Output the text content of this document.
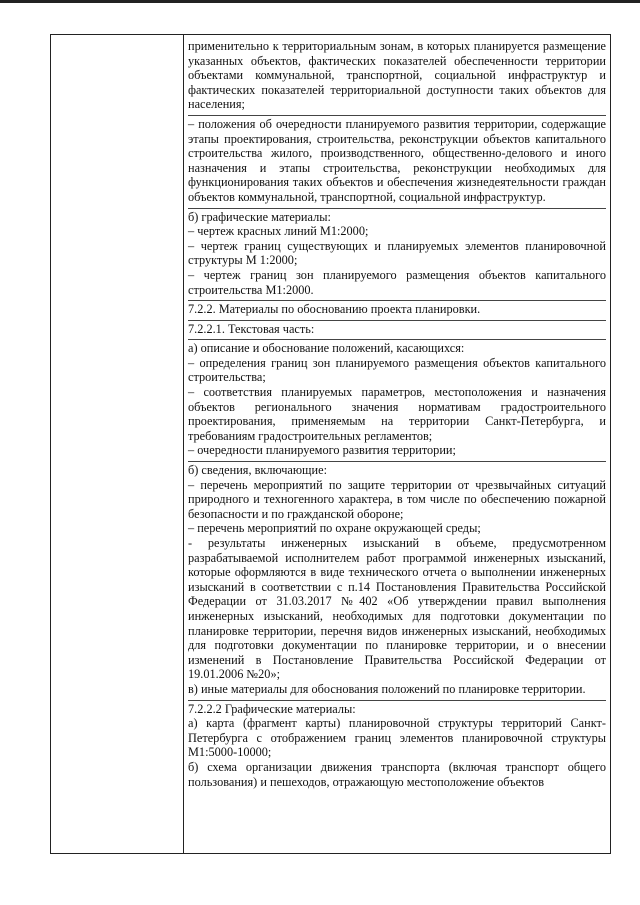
применительно к территориальным зонам, в которых планируется размещение указанных объектов, фактических показателей обеспеченности территории объектами коммунальной, транспортной, социальной инфраструктур и фактических показателей территориальной доступности таких объектов для населения;

– положения об очередности планируемого развития территории, содержащие этапы проектирования, строительства, реконструкции объектов капитального строительства жилого, производственного, общественно-делового и иного назначения и этапы строительства, реконструкции необходимых для функционирования таких объектов и обеспечения жизнедеятельности граждан объектов коммунальной, транспортной, социальной инфраструктур.

б) графические материалы:

– чертеж красных линий М1:2000;

– чертеж границ существующих и планируемых элементов планировочной структуры М 1:2000;

– чертеж границ зон планируемого размещения объектов капитального строительства М1:2000.

7.2.2. Материалы по обоснованию проекта планировки.

7.2.2.1. Текстовая часть:

а) описание и обоснование положений, касающихся:

– определения границ зон планируемого размещения объектов капитального строительства;

– соответствия планируемых параметров, местоположения и назначения объектов регионального значения нормативам градостроительного проектирования, применяемым на территории Санкт-Петербурга, и требованиям градостроительных регламентов;

– очередности планируемого развития территории;

б) сведения, включающие:

– перечень мероприятий по защите территории от чрезвычайных ситуаций природного и техногенного характера, в том числе по обеспечению пожарной безопасности и по гражданской обороне;

– перечень мероприятий по охране окружающей среды;

- результаты инженерных изысканий в объеме, предусмотренном разрабатываемой исполнителем работ программой инженерных изысканий, которые оформляются в виде технического отчета о выполнении инженерных изысканий в соответствии с п.14 Постановления Правительства Российской Федерации от 31.03.2017 №402 «Об утверждении правил выполнения инженерных изысканий, необходимых для подготовки документации по планировке территории, перечня видов инженерных изысканий, необходимых для подготовки документации по планировке территории, и о внесении изменений в Постановление Правительства Российской Федерации от 19.01.2006 №20»;

в) иные материалы для обоснования положений по планировке территории.

7.2.2.2 Графические материалы:

а) карта (фрагмент карты) планировочной структуры территорий Санкт-Петербурга с отображением границ элементов планировочной структуры М1:5000-10000;

б) схема организации движения транспорта (включая транспорт общего пользования) и пешеходов, отражающую местоположение объектов
